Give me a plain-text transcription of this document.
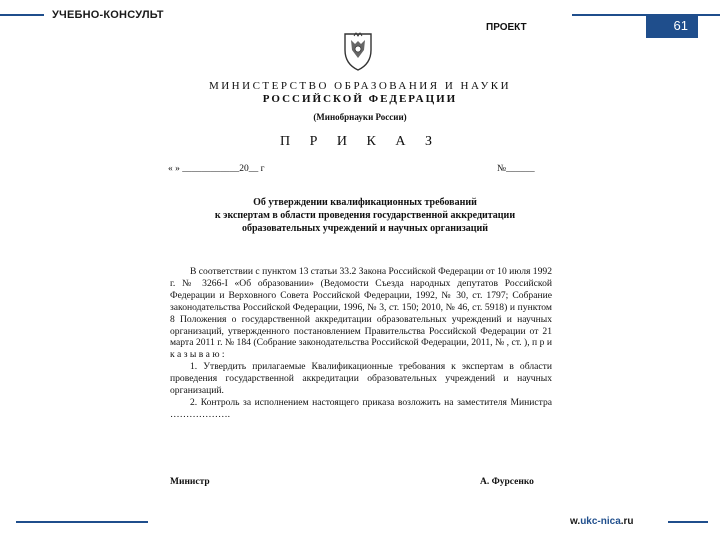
УЧЕБНО-КОНСУЛЬТ
61
ПРОЕКТ
МИНИСТЕРСТВО ОБРАЗОВАНИЯ И НАУКИ
РОССИЙСКОЙ ФЕДЕРАЦИИ
(Минобрнауки России)
П Р И К А З
« » ____________20__ г	№______
Об утверждении квалификационных требований
к экспертам в области проведения государственной аккредитации
образовательных учреждений и научных организаций

В соответствии с пунктом 13 статьи 33.2 Закона Российской Федерации от 10 июля 1992 г. № 3266-I «Об образовании» (Ведомости Съезда народных депутатов Российской Федерации и Верховного Совета Российской Федерации, 1992, № 30, ст. 1797; Собрание законодательства Российской Федерации, 1996, № 3, ст. 150; 2010, № 46, ст. 5918) и пунктом 8 Положения о государственной аккредитации образовательных учреждений и научных организаций, утвержденного постановлением Правительства Российской Федерации от 21 марта 2011 г. № 184 (Собрание законодательства Российской Федерации, 2011, № , ст. ), п р и к а з ы в а ю :

1. Утвердить прилагаемые Квалификационные требования к экспертам в области проведения государственной аккредитации образовательных учреждений и научных организаций.

2. Контроль за исполнением настоящего приказа возложить на заместителя Министра ……………….

Министр	А. Фурсенко
w.ukc-nica.ru
